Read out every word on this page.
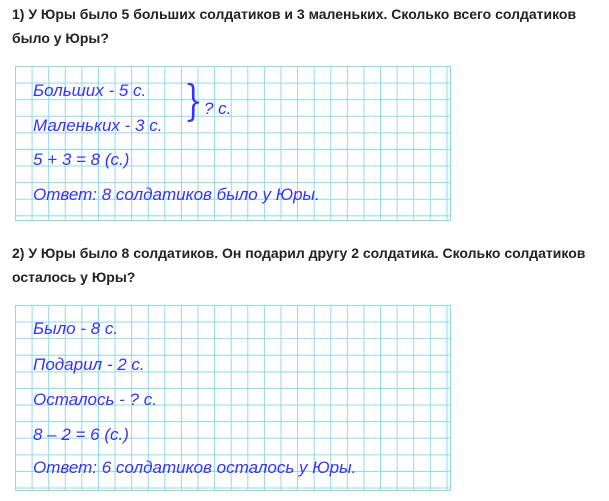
1) У Юры было 5 больших солдатиков и 3 маленьких. Сколько всего солдатиков было у Юры?

Больших - 5 с.

Маленьких - 3 с.

} ? с.

5 + 3 = 8 (с.)

Ответ: 8 солдатиков было у Юры.

2) У Юры было 8 солдатиков. Он подарил другу 2 солдатика. Сколько солдатиков осталось у Юры?

Было - 8 с.

Подарил - 2 с.

Осталось - ? с.

8 – 2 = 6 (с.)

Ответ: 6 солдатиков осталось у Юры.
